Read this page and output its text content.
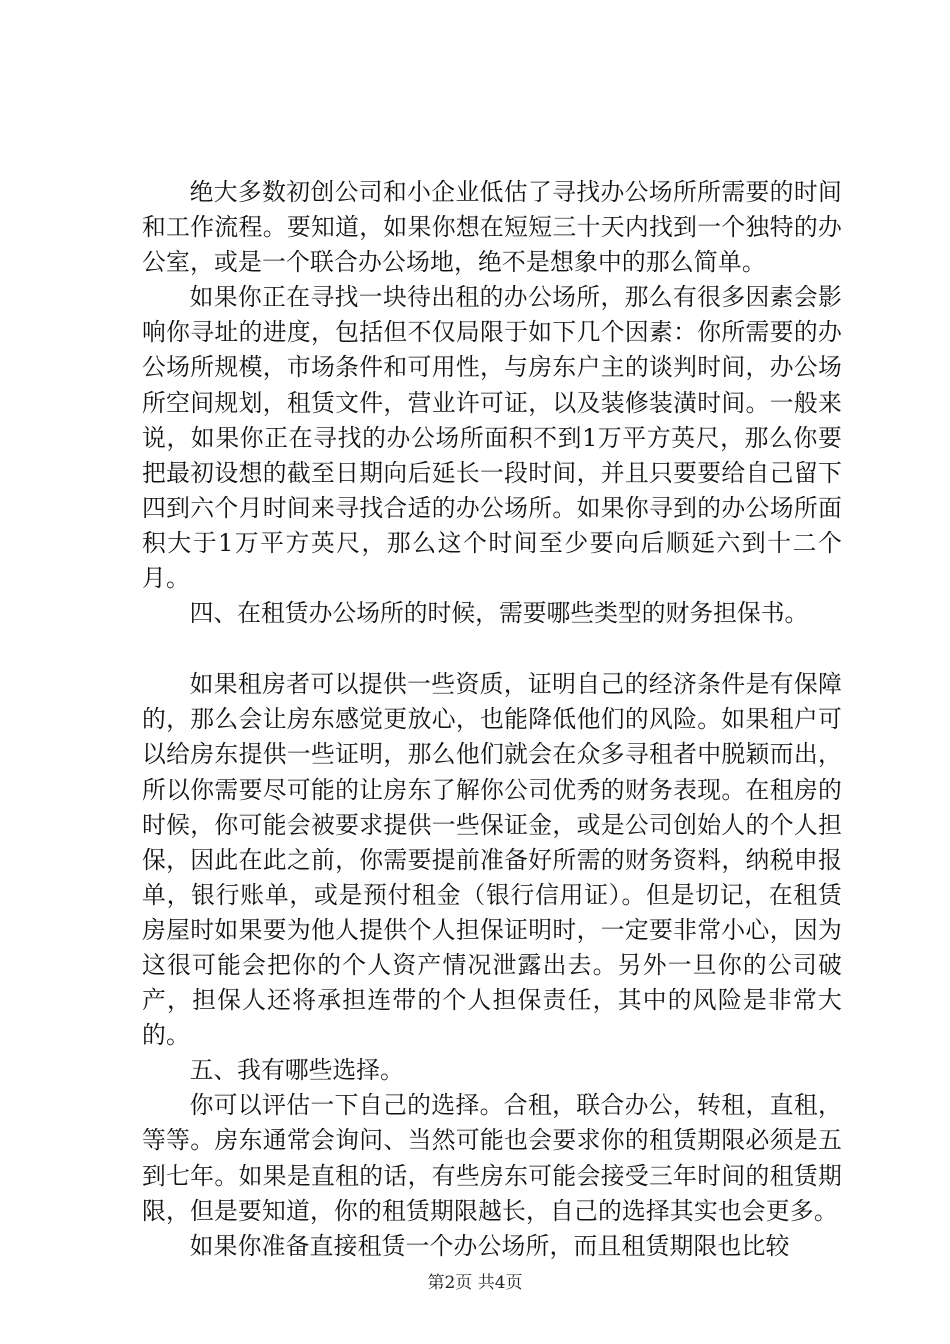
绝大多数初创公司和小企业低估了寻找办公场所所需要的时间和工作流程。要知道，如果你想在短短三十天内找到一个独特的办公室，或是一个联合办公场地，绝不是想象中的那么简单。

如果你正在寻找一块待出租的办公场所，那么有很多因素会影响你寻址的进度，包括但不仅局限于如下几个因素：你所需要的办公场所规模，市场条件和可用性，与房东户主的谈判时间，办公场所空间规划，租赁文件，营业许可证，以及装修装潢时间。一般来说，如果你正在寻找的办公场所面积不到1万平方英尺，那么你要把最初设想的截至日期向后延长一段时间，并且只要要给自己留下四到六个月时间来寻找合适的办公场所。如果你寻到的办公场所面积大于1万平方英尺，那么这个时间至少要向后顺延六到十二个月。

四、在租赁办公场所的时候，需要哪些类型的财务担保书。

如果租房者可以提供一些资质，证明自己的经济条件是有保障的，那么会让房东感觉更放心，也能降低他们的风险。如果租户可以给房东提供一些证明，那么他们就会在众多寻租者中脱颖而出，所以你需要尽可能的让房东了解你公司优秀的财务表现。在租房的时候，你可能会被要求提供一些保证金，或是公司创始人的个人担保，因此在此之前，你需要提前准备好所需的财务资料，纳税申报单，银行账单，或是预付租金（银行信用证）。但是切记，在租赁房屋时如果要为他人提供个人担保证明时，一定要非常小心，因为这很可能会把你的个人资产情况泄露出去。另外一旦你的公司破产，担保人还将承担连带的个人担保责任，其中的风险是非常大的。

五、我有哪些选择。

你可以评估一下自己的选择。合租，联合办公，转租，直租，等等。房东通常会询问、当然可能也会要求你的租赁期限必须是五到七年。如果是直租的话，有些房东可能会接受三年时间的租赁期限，但是要知道，你的租赁期限越长，自己的选择其实也会更多。

如果你准备直接租赁一个办公场所，而且租赁期限也比较

第2页 共4页
